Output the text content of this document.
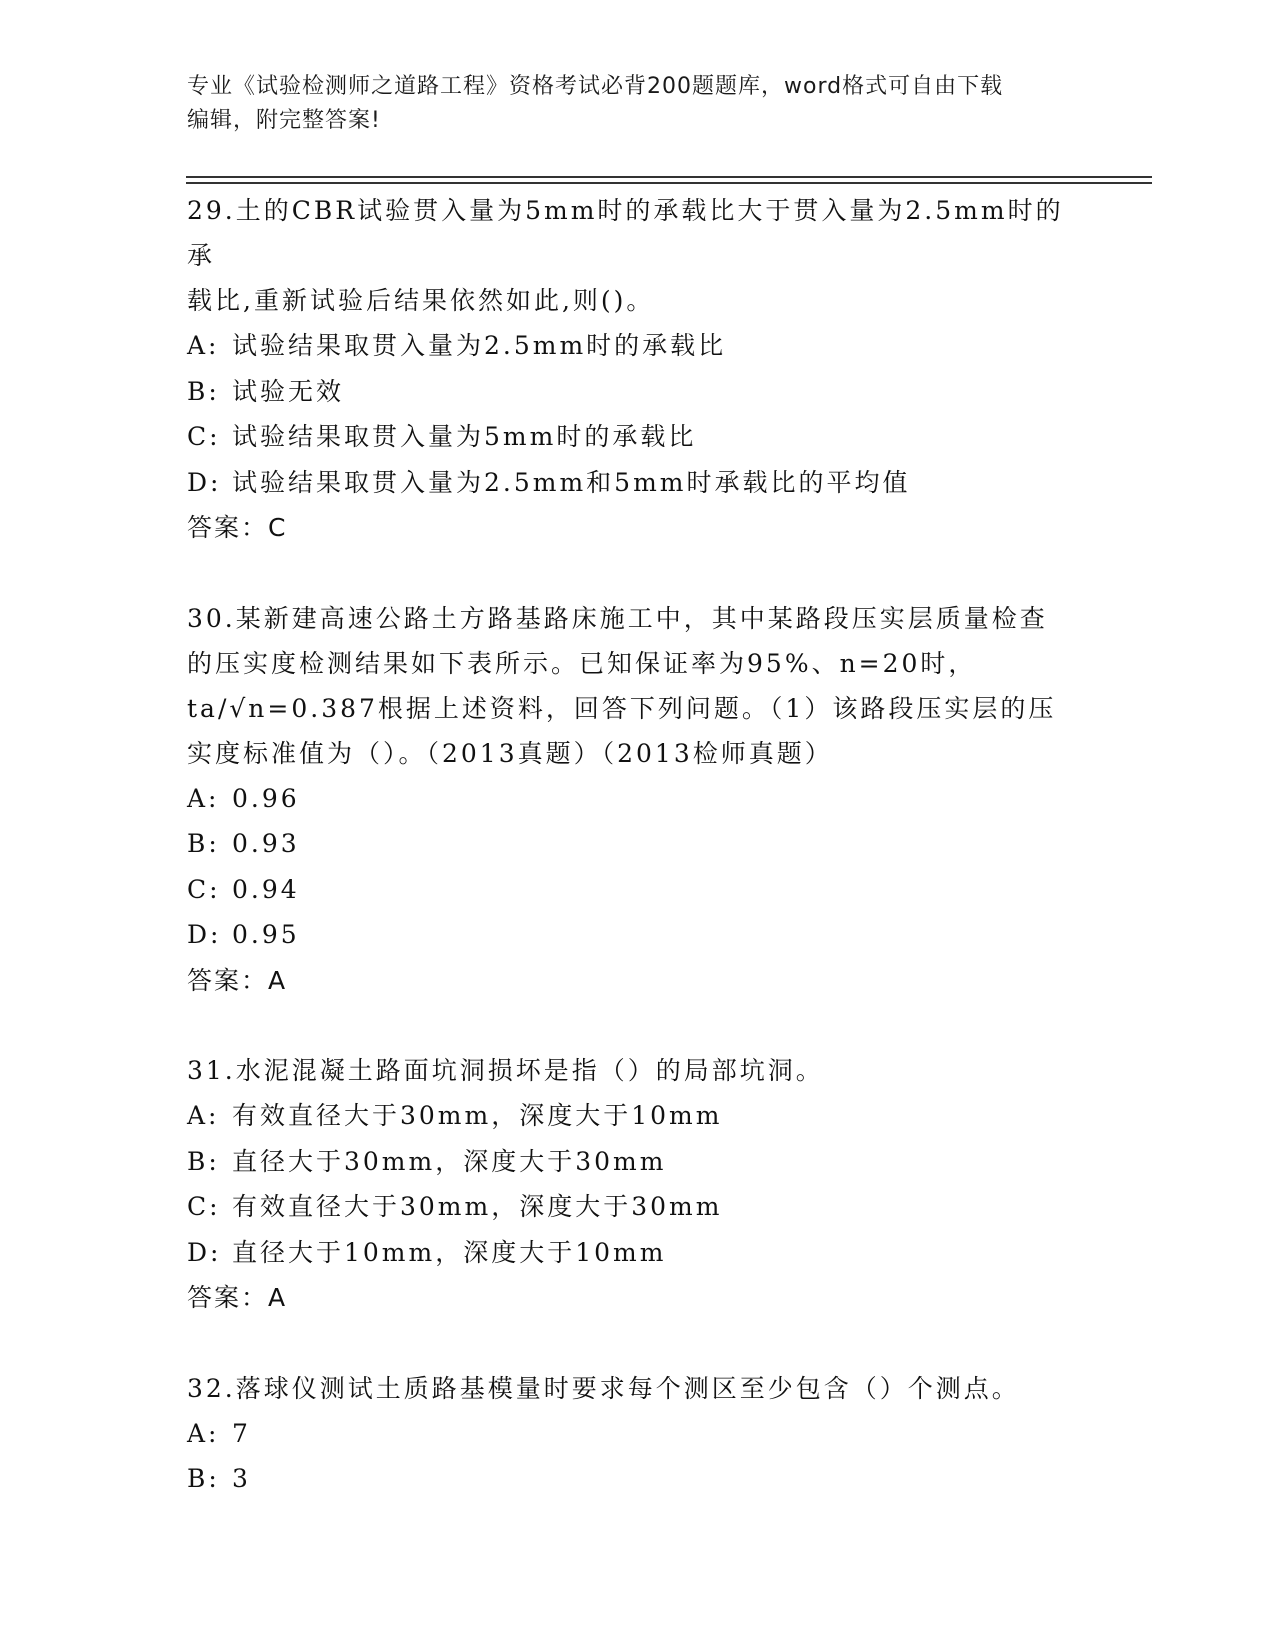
专业《试验检测师之道路工程》资格考试必背200题题库，word格式可自由下载
编辑，附完整答案!

29.土的CBR试验贯入量为5mm时的承载比大于贯入量为2.5mm时的承

载比,重新试验后结果依然如此,则()。

A: 试验结果取贯入量为2.5mm时的承载比

B: 试验无效

C: 试验结果取贯入量为5mm时的承载比

D: 试验结果取贯入量为2.5mm和5mm时承载比的平均值

答案：C

30.某新建高速公路土方路基路床施工中，其中某路段压实层质量检查

的压实度检测结果如下表所示。已知保证率为95%、n=20时，

ta/√n=0.387根据上述资料，回答下列问题。（1）该路段压实层的压

实度标准值为（）。（2013真题）（2013检师真题）

A: 0.96

B: 0.93

C: 0.94

D: 0.95

答案：A

31.水泥混凝土路面坑洞损坏是指（）的局部坑洞。

A: 有效直径大于30mm，深度大于10mm

B: 直径大于30mm，深度大于30mm

C: 有效直径大于30mm，深度大于30mm

D: 直径大于10mm，深度大于10mm

答案：A

32.落球仪测试土质路基模量时要求每个测区至少包含（）个测点。

A: 7

B: 3
